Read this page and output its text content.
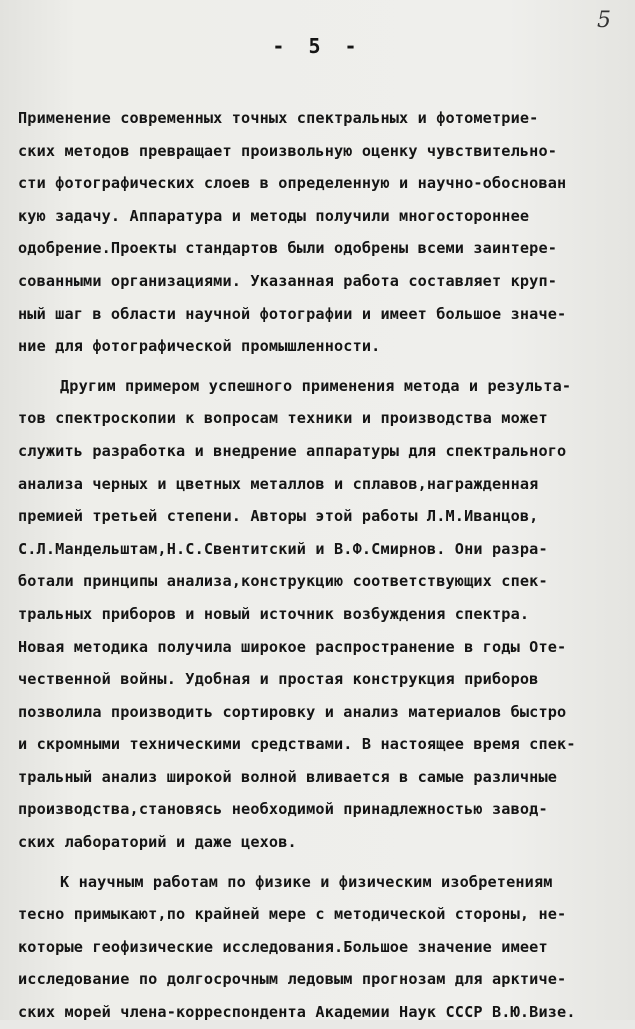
5
- 5 -
Применение современных точных спектральных и фотометрие-
ских методов превращает произвольную оценку чувствительно-
сти фотографических слоев в определенную и научно-обоснован
кую задачу. Аппаратура и методы получили многостороннее
одобрение.Проекты стандартов были одобрены всеми заинтере-
сованными организациями. Указанная работа составляет круп-
ный шаг в области научной фотографии и имеет большое значе-
ние для фотографической промышленности.
Другим примером успешного применения метода и результа-
тов спектроскопии к вопросам техники и производства может
служить разработка и внедрение аппаратуры для спектрального
анализа черных и цветных металлов и сплавов,награжденная
премией третьей степени. Авторы этой работы Л.М.Иванцов,
С.Л.Мандельштам,Н.С.Свентитский и В.Ф.Смирнов. Они разра-
ботали принципы анализа,конструкцию соответствующих спек-
тральных приборов и новый источник возбуждения спектра.
Новая методика получила широкое распространение в годы Оте-
чественной войны. Удобная и простая конструкция приборов
позволила производить сортировку и анализ материалов быстро
и скромными техническими средствами. В настоящее время спек-
тральный анализ широкой волной вливается в самые различные
производства,становясь необходимой принадлежностью завод-
ских лабораторий и даже цехов.
К научным работам по физике и физическим изобретениям
тесно примыкают,по крайней мере с методической стороны, не-
которые геофизические исследования.Большое значение имеет
исследование по долгосрочным ледовым прогнозам для арктиче-
ских морей члена-корреспондента Академии Наук СССР В.Ю.Визе.
